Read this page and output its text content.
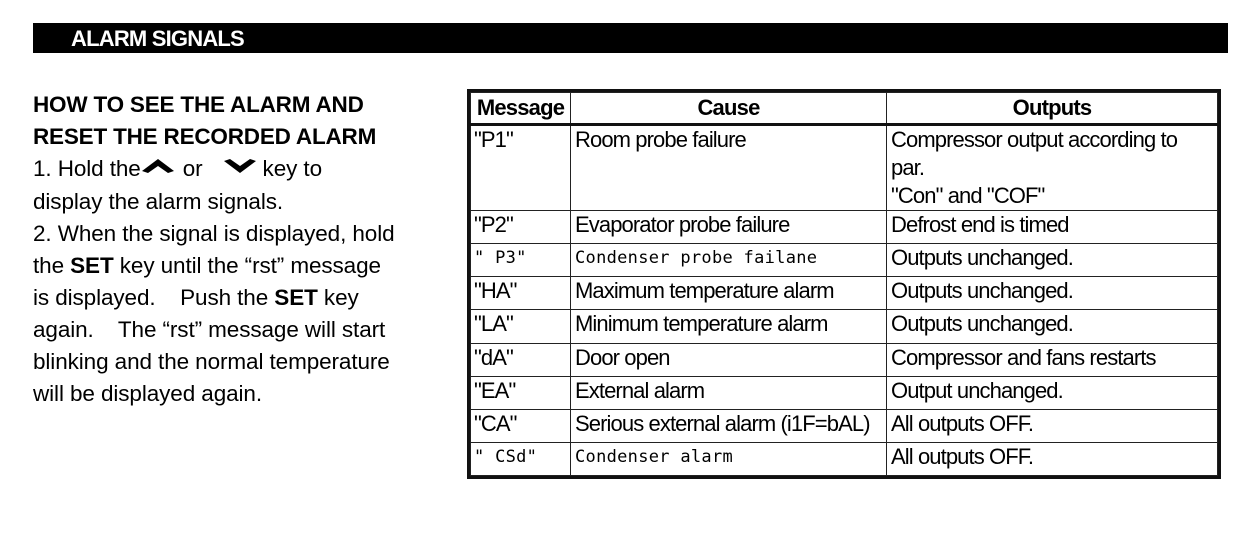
ALARM SIGNALS
HOW TO SEE THE ALARM AND
RESET THE RECORDED ALARM
1. Hold the or	key to
display the alarm signals.
2. When the signal is displayed, hold
the SET key until the “rst” message
is displayed.    Push the SET key
again.    The “rst” message will start
blinking and the normal temperature
will be displayed again.
Message	Cause	Outputs
"P1"	Room probe failure	Compressor output according to par.
"Con" and "COF"

"P2"	Evaporator probe failure	Defrost end is timed
" P3"	Condenser probe failane	Outputs unchanged.
"HA"	Maximum temperature alarm	Outputs unchanged.
"LA"	Minimum temperature alarm	Outputs unchanged.
"dA"	Door open	Compressor and fans restarts
"EA"	External alarm	Output unchanged.
"CA"	Serious external alarm (i1F=bAL)	All outputs OFF.
" CSd"	Condenser alarm	All outputs OFF.
